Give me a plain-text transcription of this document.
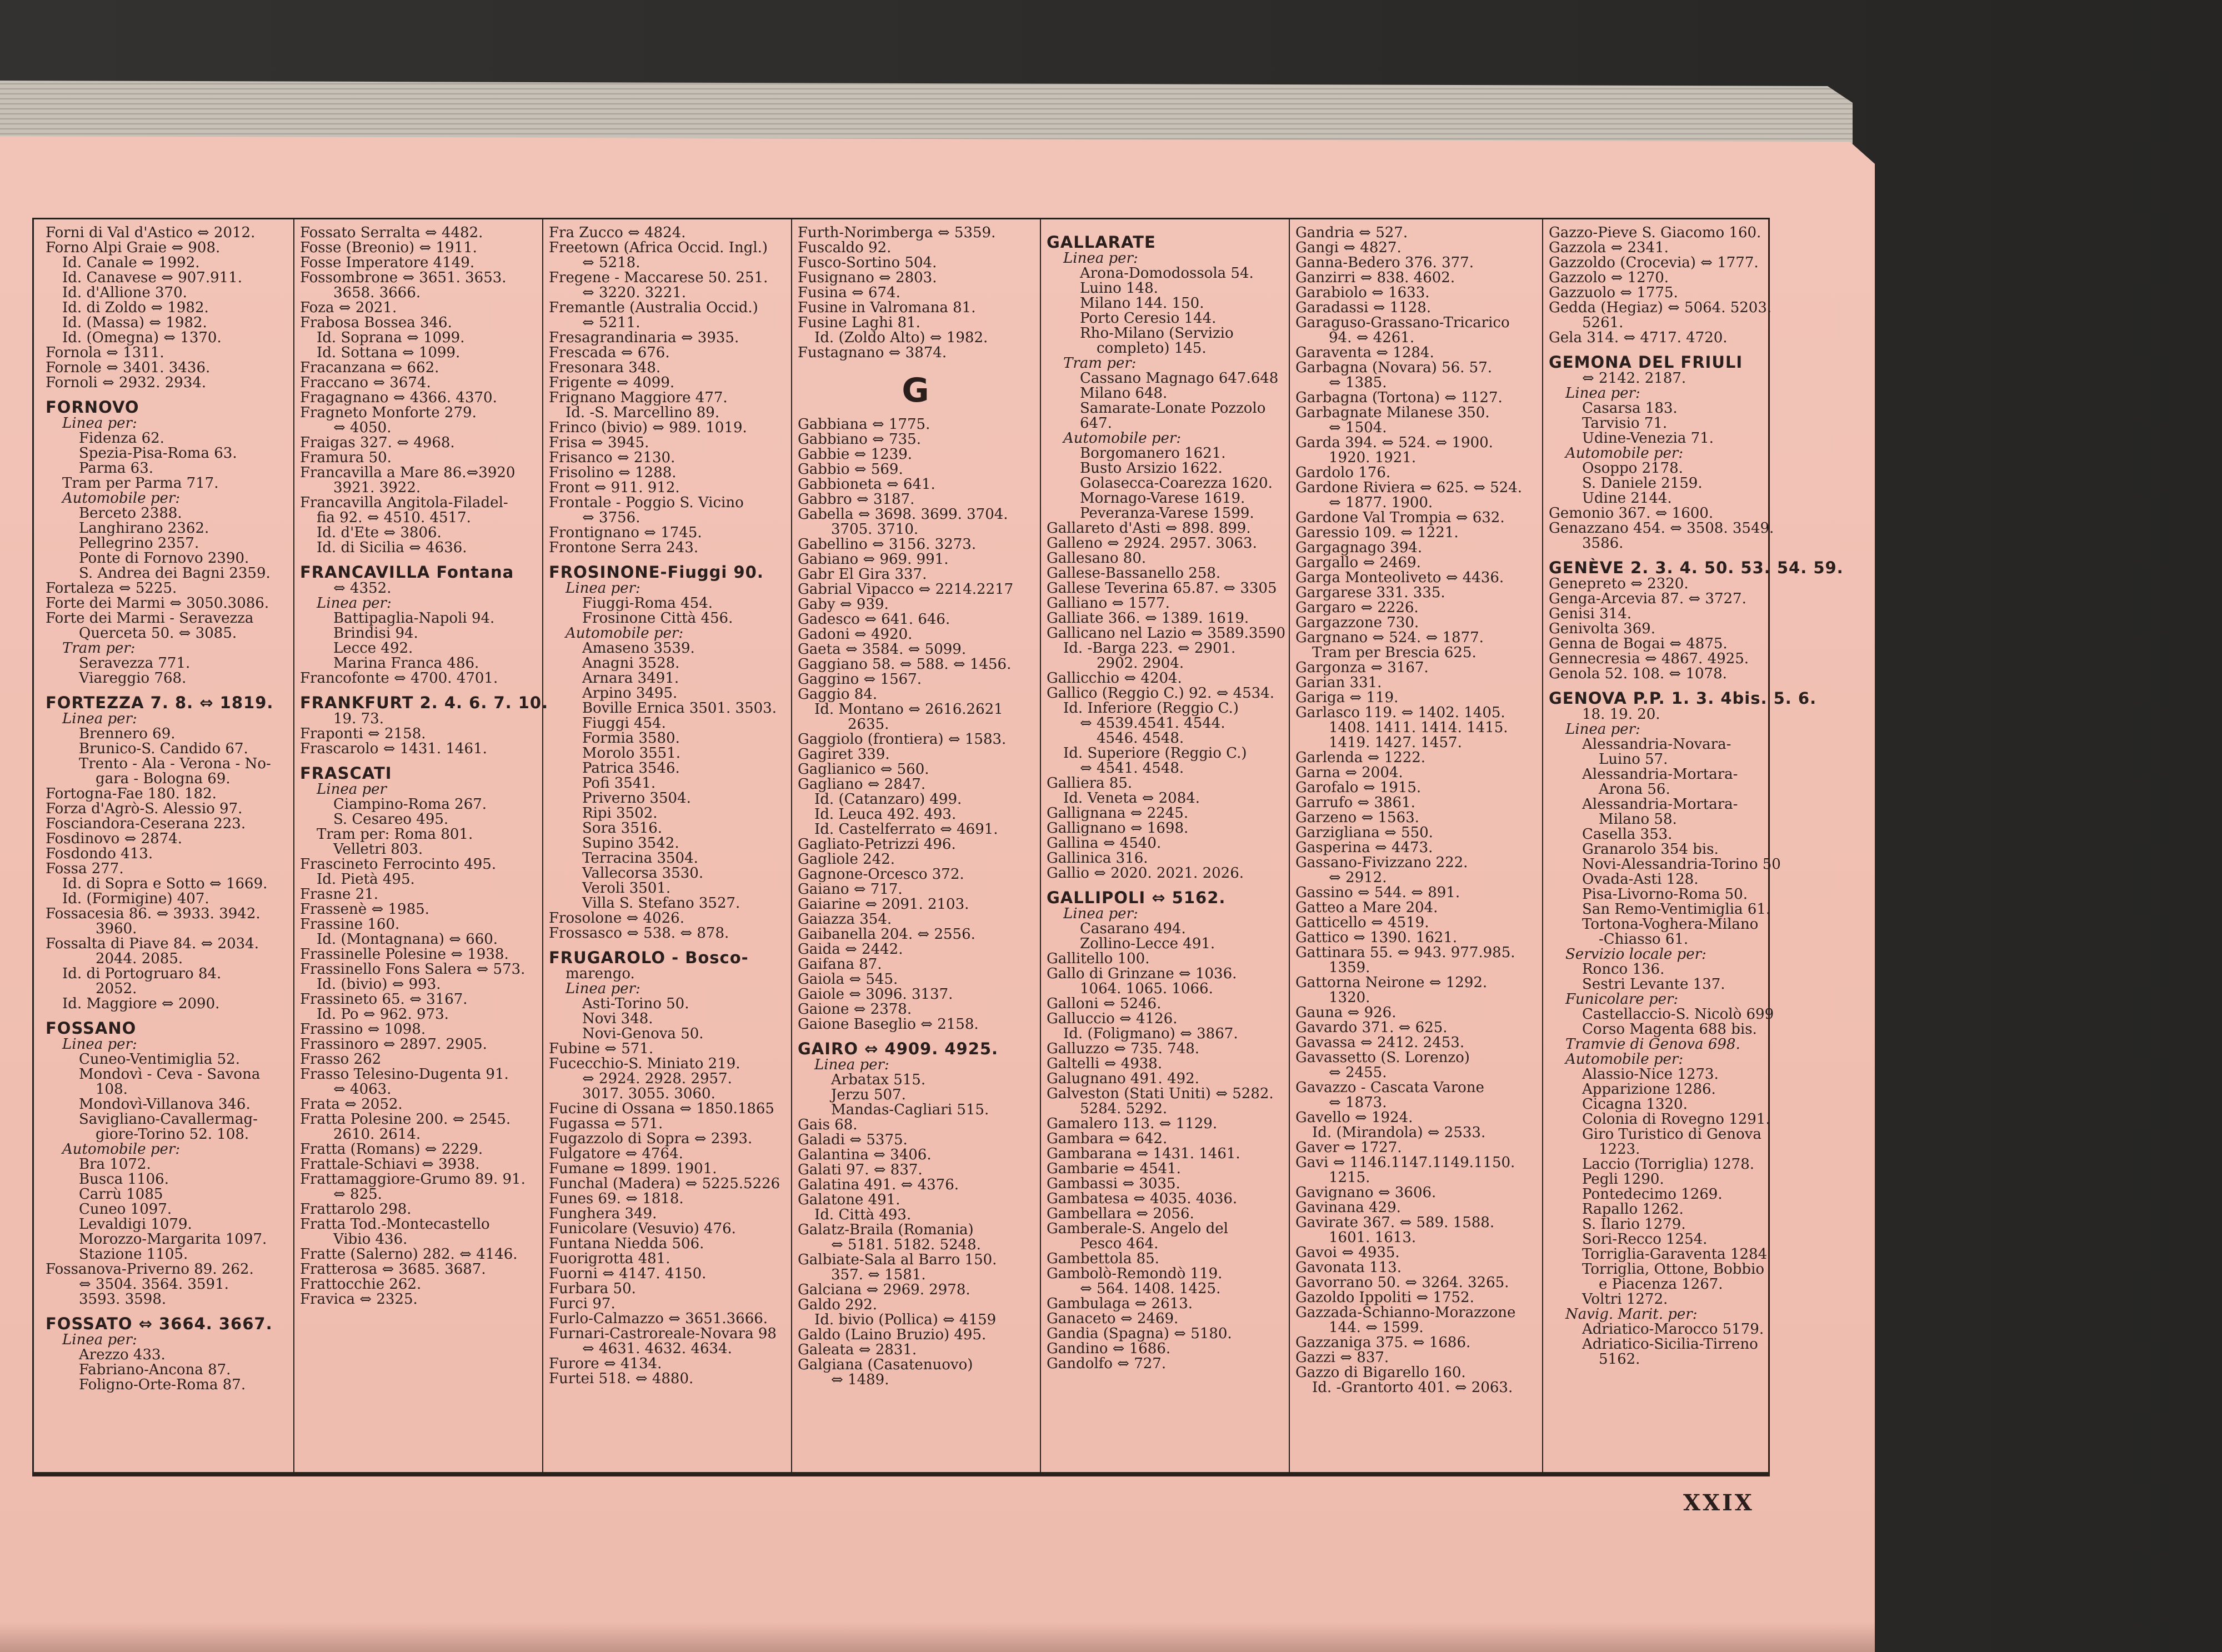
Forni di Val d'Astico ⇔ 2012.
Forno Alpi Graie ⇔ 908.
Id. Canale ⇔ 1992.
Id. Canavese ⇔ 907.911.
Id. d'Allione 370.
Id. di Zoldo ⇔ 1982.
Id. (Massa) ⇔ 1982.
Id. (Omegna) ⇔ 1370.
Fornola ⇔ 1311.
Fornole ⇔ 3401. 3436.
Fornoli ⇔ 2932. 2934.
FORNOVO
Linea per:
Fidenza 62.
Spezia-Pisa-Roma 63.
Parma 63.
Tram per Parma 717.
Automobile per:
Berceto 2388.
Langhirano 2362.
Pellegrino 2357.
Ponte di Fornovo 2390.
S. Andrea dei Bagni 2359.
Fortaleza ⇔ 5225.
Forte dei Marmi ⇔ 3050.3086.
Forte dei Marmi - Seravezza
Querceta 50. ⇔ 3085.
Tram per:
Seravezza 771.
Viareggio 768.
FORTEZZA 7. 8. ⇔ 1819.
Linea per:
Brennero 69.
Brunico-S. Candido 67.
Trento - Ala - Verona - No-
gara - Bologna 69.
Fortogna-Fae 180. 182.
Forza d'Agrò-S. Alessio 97.
Fosciandora-Ceserana 223.
Fosdinovo ⇔ 2874.
Fosdondo 413.
Fossa 277.
Id. di Sopra e Sotto ⇔ 1669.
Id. (Formigine) 407.
Fossacesia 86. ⇔ 3933. 3942.
3960.
Fossalta di Piave 84. ⇔ 2034.
2044. 2085.
Id. di Portogruaro 84.
2052.
Id. Maggiore ⇔ 2090.
FOSSANO
Linea per:
Cuneo-Ventimiglia 52.
Mondovì - Ceva - Savona
108.
Mondovì-Villanova 346.
Savigliano-Cavallermag-
giore-Torino 52. 108.
Automobile per:
Bra 1072.
Busca 1106.
Carrù 1085
Cuneo 1097.
Levaldigi 1079.
Morozzo-Margarita 1097.
Stazione 1105.
Fossanova-Priverno 89. 262.
⇔ 3504. 3564. 3591.
3593. 3598.
FOSSATO ⇔ 3664. 3667.
Linea per:
Arezzo 433.
Fabriano-Ancona 87.
Foligno-Orte-Roma 87.
Fossato Serralta ⇔ 4482.
Fosse (Breonio) ⇔ 1911.
Fosse Imperatore 4149.
Fossombrone ⇔ 3651. 3653.
3658. 3666.
Foza ⇔ 2021.
Frabosa Bossea 346.
Id. Soprana ⇔ 1099.
Id. Sottana ⇔ 1099.
Fracanzana ⇔ 662.
Fraccano ⇔ 3674.
Fragagnano ⇔ 4366. 4370.
Fragneto Monforte 279.
⇔ 4050.
Fraigas 327. ⇔ 4968.
Framura 50.
Francavilla a Mare 86.⇔3920
3921. 3922.
Francavilla Angitola-Filadel-
fia 92. ⇔ 4510. 4517.
Id. d'Ete ⇔ 3806.
Id. di Sicilia ⇔ 4636.
FRANCAVILLA Fontana
⇔ 4352.
Linea per:
Battipaglia-Napoli 94.
Brindisi 94.
Lecce 492.
Marina Franca 486.
Francofonte ⇔ 4700. 4701.
FRANKFURT 2. 4. 6. 7. 10.
19. 73.
Fraponti ⇔ 2158.
Frascarolo ⇔ 1431. 1461.
FRASCATI
Linea per
Ciampino-Roma 267.
S. Cesareo 495.
Tram per: Roma 801.
Velletri 803.
Frascineto Ferrocinto 495.
Id. Pietà 495.
Frasne 21.
Frassenè ⇔ 1985.
Frassine 160.
Id. (Montagnana) ⇔ 660.
Frassinelle Polesine ⇔ 1938.
Frassinello Fons Salera ⇔ 573.
Id. (bivio) ⇔ 993.
Frassineto 65. ⇔ 3167.
Id. Po ⇔ 962. 973.
Frassino ⇔ 1098.
Frassinoro ⇔ 2897. 2905.
Frasso 262
Frasso Telesino-Dugenta 91.
⇔ 4063.
Frata ⇔ 2052.
Fratta Polesine 200. ⇔ 2545.
2610. 2614.
Fratta (Romans) ⇔ 2229.
Frattale-Schiavi ⇔ 3938.
Frattamaggiore-Grumo 89. 91.
⇔ 825.
Frattarolo 298.
Fratta Tod.-Montecastello
Vibio 436.
Fratte (Salerno) 282. ⇔ 4146.
Fratterosa ⇔ 3685. 3687.
Frattocchie 262.
Fravica ⇔ 2325.
Fra Zucco ⇔ 4824.
Freetown (Africa Occid. Ingl.)
⇔ 5218.
Fregene - Maccarese 50. 251.
⇔ 3220. 3221.
Fremantle (Australia Occid.)
⇔ 5211.
Fresagrandinaria ⇔ 3935.
Frescada ⇔ 676.
Fresonara 348.
Frigente ⇔ 4099.
Frignano Maggiore 477.
Id. -S. Marcellino 89.
Frinco (bivio) ⇔ 989. 1019.
Frisa ⇔ 3945.
Frisanco ⇔ 2130.
Frisolino ⇔ 1288.
Front ⇔ 911. 912.
Frontale - Poggio S. Vicino
⇔ 3756.
Frontignano ⇔ 1745.
Frontone Serra 243.
FROSINONE-Fiuggi 90.
Linea per:
Fiuggi-Roma 454.
Frosinone Città 456.
Automobile per:
Amaseno 3539.
Anagni 3528.
Arnara 3491.
Arpino 3495.
Boville Ernica 3501. 3503.
Fiuggi 454.
Formia 3580.
Morolo 3551.
Patrica 3546.
Pofi 3541.
Priverno 3504.
Ripi 3502.
Sora 3516.
Supino 3542.
Terracina 3504.
Vallecorsa 3530.
Veroli 3501.
Villa S. Stefano 3527.
Frosolone ⇔ 4026.
Frossasco ⇔ 538. ⇔ 878.
FRUGAROLO - Bosco-
marengo.
Linea per:
Asti-Torino 50.
Novi 348.
Novi-Genova 50.
Fubine ⇔ 571.
Fucecchio-S. Miniato 219.
⇔ 2924. 2928. 2957.
3017. 3055. 3060.
Fucine di Ossana ⇔ 1850.1865
Fugassa ⇔ 571.
Fugazzolo di Sopra ⇔ 2393.
Fulgatore ⇔ 4764.
Fumane ⇔ 1899. 1901.
Funchal (Madera) ⇔ 5225.5226
Funes 69. ⇔ 1818.
Funghera 349.
Funicolare (Vesuvio) 476.
Funtana Niedda 506.
Fuorigrotta 481.
Fuorni ⇔ 4147. 4150.
Furbara 50.
Furci 97.
Furlo-Calmazzo ⇔ 3651.3666.
Furnari-Castroreale-Novara 98
⇔ 4631. 4632. 4634.
Furore ⇔ 4134.
Furtei 518. ⇔ 4880.
Furth-Norimberga ⇔ 5359.
Fuscaldo 92.
Fusco-Sortino 504.
Fusignano ⇔ 2803.
Fusina ⇔ 674.
Fusine in Valromana 81.
Fusine Laghi 81.
Id. (Zoldo Alto) ⇔ 1982.
Fustagnano ⇔ 3874.
G
Gabbiana ⇔ 1775.
Gabbiano ⇔ 735.
Gabbie ⇔ 1239.
Gabbio ⇔ 569.
Gabbioneta ⇔ 641.
Gabbro ⇔ 3187.
Gabella ⇔ 3698. 3699. 3704.
3705. 3710.
Gabellino ⇔ 3156. 3273.
Gabiano ⇔ 969. 991.
Gabr El Gira 337.
Gabrial Vipacco ⇔ 2214.2217
Gaby ⇔ 939.
Gadesco ⇔ 641. 646.
Gadoni ⇔ 4920.
Gaeta ⇔ 3584. ⇔ 5099.
Gaggiano 58. ⇔ 588. ⇔ 1456.
Gaggino ⇔ 1567.
Gaggio 84.
Id. Montano ⇔ 2616.2621
2635.
Gaggiolo (frontiera) ⇔ 1583.
Gagiret 339.
Gaglianico ⇔ 560.
Gagliano ⇔ 2847.
Id. (Catanzaro) 499.
Id. Leuca 492. 493.
Id. Castelferrato ⇔ 4691.
Gagliato-Petrizzi 496.
Gagliole 242.
Gagnone-Orcesco 372.
Gaiano ⇔ 717.
Gaiarine ⇔ 2091. 2103.
Gaiazza 354.
Gaibanella 204. ⇔ 2556.
Gaida ⇔ 2442.
Gaifana 87.
Gaiola ⇔ 545.
Gaiole ⇔ 3096. 3137.
Gaione ⇔ 2378.
Gaione Baseglio ⇔ 2158.
GAIRO ⇔ 4909. 4925.
Linea per:
Arbatax 515.
Jerzu 507.
Mandas-Cagliari 515.
Gais 68.
Galadi ⇔ 5375.
Galantina ⇔ 3406.
Galati 97. ⇔ 837.
Galatina 491. ⇔ 4376.
Galatone 491.
Id. Città 493.
Galatz-Braila (Romania)
⇔ 5181. 5182. 5248.
Galbiate-Sala al Barro 150.
357. ⇔ 1581.
Galciana ⇔ 2969. 2978.
Galdo 292.
Id. bivio (Pollica) ⇔ 4159
Galdo (Laino Bruzio) 495.
Galeata ⇔ 2831.
Galgiana (Casatenuovo)
⇔ 1489.
GALLARATE
Linea per:
Arona-Domodossola 54.
Luino 148.
Milano 144. 150.
Porto Ceresio 144.
Rho-Milano (Servizio
completo) 145.
Tram per:
Cassano Magnago 647.648
Milano 648.
Samarate-Lonate Pozzolo
647.
Automobile per:
Borgomanero 1621.
Busto Arsizio 1622.
Golasecca-Coarezza 1620.
Mornago-Varese 1619.
Peveranza-Varese 1599.
Gallareto d'Asti ⇔ 898. 899.
Galleno ⇔ 2924. 2957. 3063.
Gallesano 80.
Gallese-Bassanello 258.
Gallese Teverina 65.87. ⇔ 3305
Galliano ⇔ 1577.
Galliate 366. ⇔ 1389. 1619.
Gallicano nel Lazio ⇔ 3589.3590
Id. -Barga 223. ⇔ 2901.
2902. 2904.
Gallicchio ⇔ 4204.
Gallico (Reggio C.) 92. ⇔ 4534.
Id. Inferiore (Reggio C.)
⇔ 4539.4541. 4544.
4546. 4548.
Id. Superiore (Reggio C.)
⇔ 4541. 4548.
Galliera 85.
Id. Veneta ⇔ 2084.
Gallignana ⇔ 2245.
Gallignano ⇔ 1698.
Gallina ⇔ 4540.
Gallinica 316.
Gallio ⇔ 2020. 2021. 2026.
GALLIPOLI ⇔ 5162.
Linea per:
Casarano 494.
Zollino-Lecce 491.
Gallitello 100.
Gallo di Grinzane ⇔ 1036.
1064. 1065. 1066.
Galloni ⇔ 5246.
Galluccio ⇔ 4126.
Id. (Foligmano) ⇔ 3867.
Galluzzo ⇔ 735. 748.
Galtelli ⇔ 4938.
Galugnano 491. 492.
Galveston (Stati Uniti) ⇔ 5282.
5284. 5292.
Gamalero 113. ⇔ 1129.
Gambara ⇔ 642.
Gambarana ⇔ 1431. 1461.
Gambarie ⇔ 4541.
Gambassi ⇔ 3035.
Gambatesa ⇔ 4035. 4036.
Gambellara ⇔ 2056.
Gamberale-S. Angelo del
Pesco 464.
Gambettola 85.
Gambolò-Remondò 119.
⇔ 564. 1408. 1425.
Gambulaga ⇔ 2613.
Ganaceto ⇔ 2469.
Gandia (Spagna) ⇔ 5180.
Gandino ⇔ 1686.
Gandolfo ⇔ 727.
Gandria ⇔ 527.
Gangi ⇔ 4827.
Ganna-Bedero 376. 377.
Ganzirri ⇔ 838. 4602.
Garabiolo ⇔ 1633.
Garadassi ⇔ 1128.
Garaguso-Grassano-Tricarico
94. ⇔ 4261.
Garaventa ⇔ 1284.
Garbagna (Novara) 56. 57.
⇔ 1385.
Garbagna (Tortona) ⇔ 1127.
Garbagnate Milanese 350.
⇔ 1504.
Garda 394. ⇔ 524. ⇔ 1900.
1920. 1921.
Gardolo 176.
Gardone Riviera ⇔ 625. ⇔ 524.
⇔ 1877. 1900.
Gardone Val Trompia ⇔ 632.
Garessio 109. ⇔ 1221.
Gargagnago 394.
Gargallo ⇔ 2469.
Garga Monteoliveto ⇔ 4436.
Gargarese 331. 335.
Gargaro ⇔ 2226.
Gargazzone 730.
Gargnano ⇔ 524. ⇔ 1877.
Tram per Brescia 625.
Gargonza ⇔ 3167.
Garian 331.
Gariga ⇔ 119.
Garlasco 119. ⇔ 1402. 1405.
1408. 1411. 1414. 1415.
1419. 1427. 1457.
Garlenda ⇔ 1222.
Garna ⇔ 2004.
Garofalo ⇔ 1915.
Garrufo ⇔ 3861.
Garzeno ⇔ 1563.
Garzigliana ⇔ 550.
Gasperina ⇔ 4473.
Gassano-Fivizzano 222.
⇔ 2912.
Gassino ⇔ 544. ⇔ 891.
Gatteo a Mare 204.
Gatticello ⇔ 4519.
Gattico ⇔ 1390. 1621.
Gattinara 55. ⇔ 943. 977.985.
1359.
Gattorna Neirone ⇔ 1292.
1320.
Gauna ⇔ 926.
Gavardo 371. ⇔ 625.
Gavassa ⇔ 2412. 2453.
Gavassetto (S. Lorenzo)
⇔ 2455.
Gavazzo - Cascata Varone
⇔ 1873.
Gavello ⇔ 1924.
Id. (Mirandola) ⇔ 2533.
Gaver ⇔ 1727.
Gavi ⇔ 1146.1147.1149.1150.
1215.
Gavignano ⇔ 3606.
Gavinana 429.
Gavirate 367. ⇔ 589. 1588.
1601. 1613.
Gavoi ⇔ 4935.
Gavonata 113.
Gavorrano 50. ⇔ 3264. 3265.
Gazoldo Ippoliti ⇔ 1752.
Gazzada-Schianno-Morazzone
144. ⇔ 1599.
Gazzaniga 375. ⇔ 1686.
Gazzi ⇔ 837.
Gazzo di Bigarello 160.
Id. -Grantorto 401. ⇔ 2063.
Gazzo-Pieve S. Giacomo 160.
Gazzola ⇔ 2341.
Gazzoldo (Crocevia) ⇔ 1777.
Gazzolo ⇔ 1270.
Gazzuolo ⇔ 1775.
Gedda (Hegiaz) ⇔ 5064. 5203.
5261.
Gela 314. ⇔ 4717. 4720.
GEMONA DEL FRIULI
⇔ 2142. 2187.
Linea per:
Casarsa 183.
Tarvisio 71.
Udine-Venezia 71.
Automobile per:
Osoppo 2178.
S. Daniele 2159.
Udine 2144.
Gemonio 367. ⇔ 1600.
Genazzano 454. ⇔ 3508. 3549.
3586.
GENÈVE 2. 3. 4. 50. 53. 54. 59.
Genepreto ⇔ 2320.
Genga-Arcevia 87. ⇔ 3727.
Genisi 314.
Genivolta 369.
Genna de Bogai ⇔ 4875.
Gennecresia ⇔ 4867. 4925.
Genola 52. 108. ⇔ 1078.
GENOVA P.P. 1. 3. 4bis. 5. 6.
18. 19. 20.
Linea per:
Alessandria-Novara-
Luino 57.
Alessandria-Mortara-
Arona 56.
Alessandria-Mortara-
Milano 58.
Casella 353.
Granarolo 354 bis.
Novi-Alessandria-Torino 50
Ovada-Asti 128.
Pisa-Livorno-Roma 50.
San Remo-Ventimiglia 61.
Tortona-Voghera-Milano
-Chiasso 61.
Servizio locale per:
Ronco 136.
Sestri Levante 137.
Funicolare per:
Castellaccio-S. Nicolò 699
Corso Magenta 688 bis.
Tramvie di Genova 698.
Automobile per:
Alassio-Nice 1273.
Apparizione 1286.
Cicagna 1320.
Colonia di Rovegno 1291.
Giro Turistico di Genova
1223.
Laccio (Torriglia) 1278.
Pegli 1290.
Pontedecimo 1269.
Rapallo 1262.
S. Ilario 1279.
Sori-Recco 1254.
Torriglia-Garaventa 1284
Torriglia, Ottone, Bobbio
e Piacenza 1267.
Voltri 1272.
Navig. Marit. per:
Adriatico-Marocco 5179.
Adriatico-Sicilia-Tirreno
5162.
XXIX
